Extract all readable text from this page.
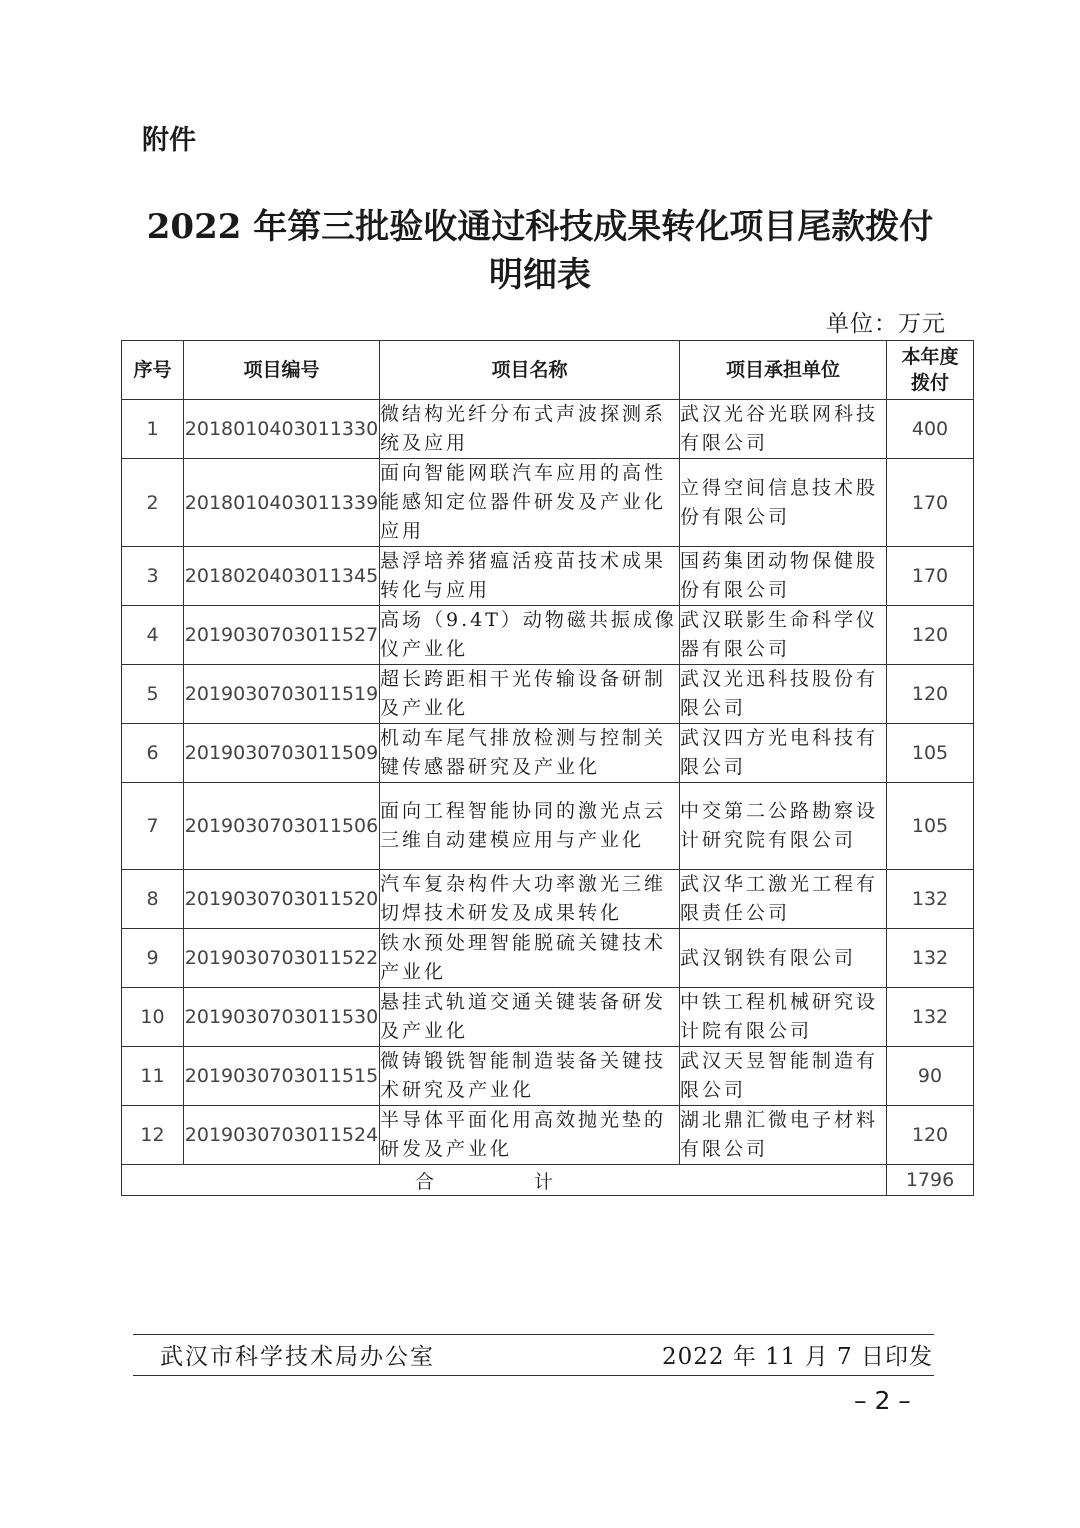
附件
2022 年第三批验收通过科技成果转化项目尾款拨付
明细表
单位：万元
序号	项目编号	项目名称	项目承担单位	本年度拨付
1	2018010403011330	微结构光纤分布式声波探测系统及应用	武汉光谷光联网科技有限公司	400
2	2018010403011339	面向智能网联汽车应用的高性能感知定位器件研发及产业化应用	立得空间信息技术股份有限公司	170
3	2018020403011345	悬浮培养猪瘟活疫苗技术成果转化与应用	国药集团动物保健股份有限公司	170
4	2019030703011527	高场（9.4T）动物磁共振成像仪产业化	武汉联影生命科学仪器有限公司	120
5	2019030703011519	超长跨距相干光传输设备研制及产业化	武汉光迅科技股份有限公司	120
6	2019030703011509	机动车尾气排放检测与控制关键传感器研究及产业化	武汉四方光电科技有限公司	105
7	2019030703011506	面向工程智能协同的激光点云三维自动建模应用与产业化	中交第二公路勘察设计研究院有限公司	105
8	2019030703011520	汽车复杂构件大功率激光三维切焊技术研发及成果转化	武汉华工激光工程有限责任公司	132
9	2019030703011522	铁水预处理智能脱硫关键技术产业化	武汉钢铁有限公司	132
10	2019030703011530	悬挂式轨道交通关键装备研发及产业化	中铁工程机械研究设计院有限公司	132
11	2019030703011515	微铸锻铣智能制造装备关键技术研究及产业化	武汉天昱智能制造有限公司	90
12	2019030703011524	半导体平面化用高效抛光垫的研发及产业化	湖北鼎汇微电子材料有限公司	120
合计				1796
武汉市科学技术局办公室	2022 年 11 月 7 日印发
– 2 –
